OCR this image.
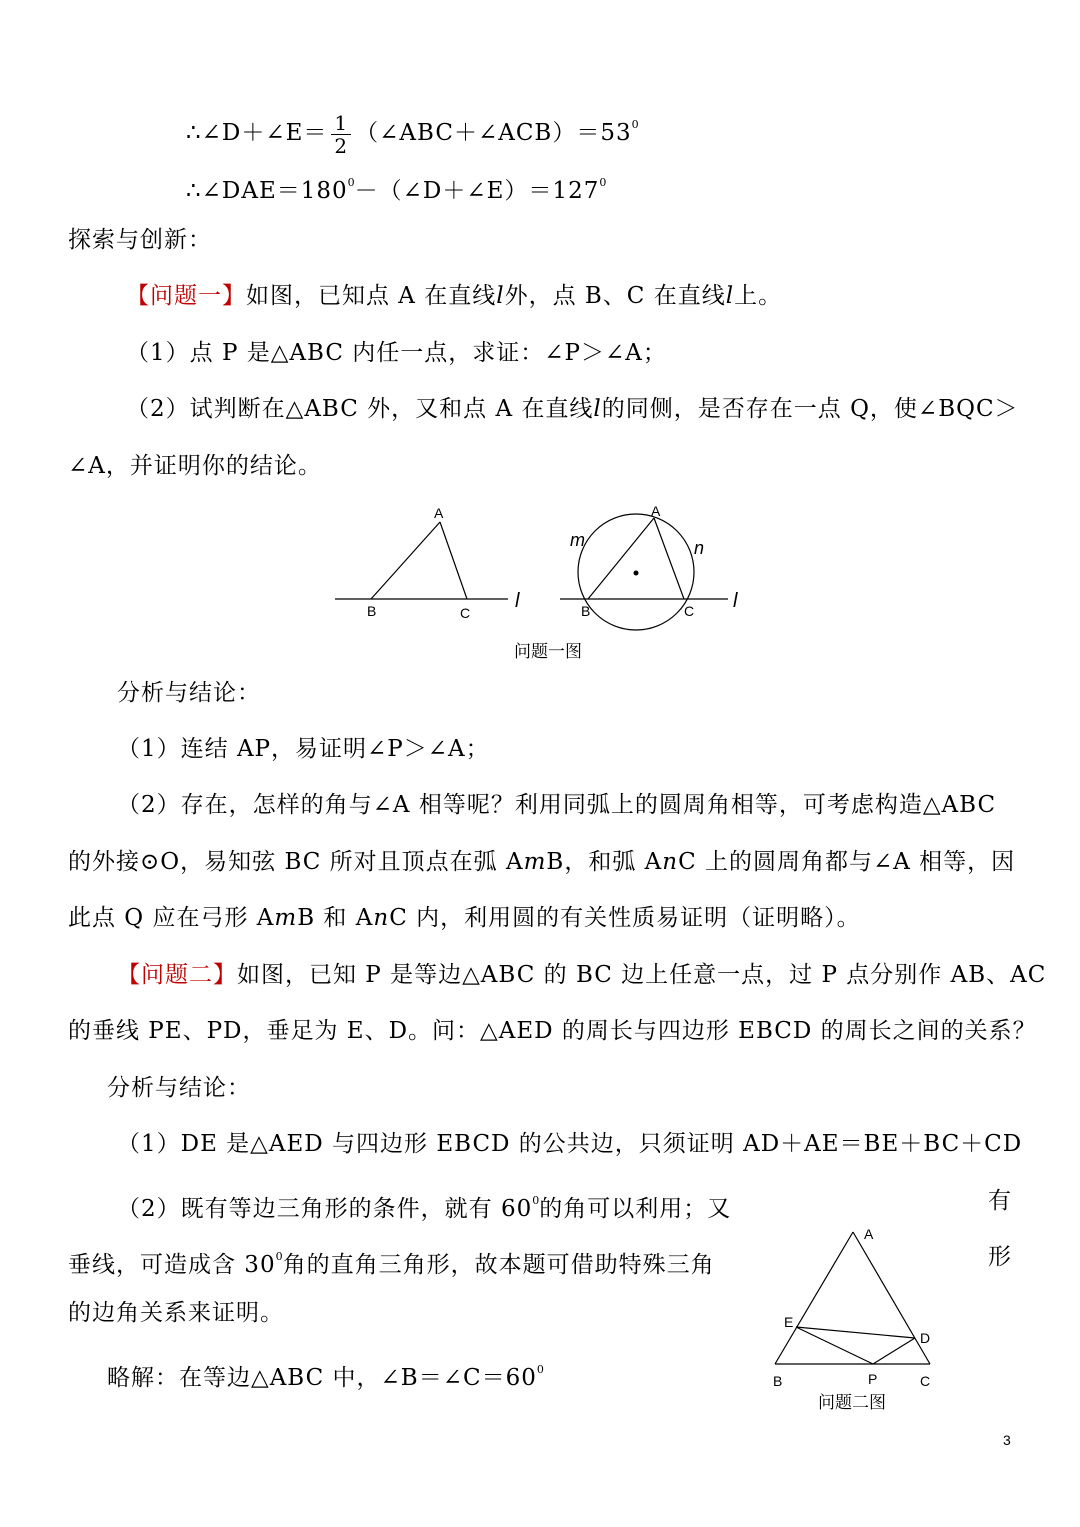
∴∠D＋∠E＝ $\frac{1}{2}$ $(\angle ABC+\angle ACB)=53^0$
$\therefore\angle DAE=180^0-(\angle D+\angle E)=127^0$
探索与创新：
【问题一】如图，已知点 A 在直线l外，点 B、C 在直线l上。
（1）点 P 是△ABC 内任一点，求证：∠P＞∠A；
（2）试判断在△ABC 外，又和点 A 在直线l的同侧，是否存在一点 Q，使∠BQC＞
∠A，并证明你的结论。
A
B	C
l
A
B	C
m	n
l
问题一图
分析与结论：
（1）连结 AP，易证明∠P＞∠A；
（2）存在，怎样的角与∠A 相等呢？利用同弧上的圆周角相等，可考虑构造△ABC
的外接⊙O，易知弦 BC 所对且顶点在弧 AmB，和弧 AnC 上的圆周角都与∠A 相等，因
此点 Q 应在弓形 AmB 和 AnC 内，利用圆的有关性质易证明（证明略）。
【问题二】如图，已知 P 是等边△ABC 的 BC 边上任意一点，过 P 点分别作 AB、AC
的垂线 PE、PD，垂足为 E、D。问：△AED 的周长与四边形 EBCD 的周长之间的关系？
分析与结论：
（1）DE 是△AED 与四边形 EBCD 的公共边，只须证明 AD＋AE＝BE＋BC＋CD
（2）既有等边三角形的条件，就有 $60^0$的角可以利用；又	有
垂线，可造成含 $30^0$角的直角三角形，故本题可借助特殊三角	形
的边角关系来证明。
略解：在等边△ABC 中，$\angle B=\angle C=60^0$
A
B	C
D
E
P
问题二图
3
